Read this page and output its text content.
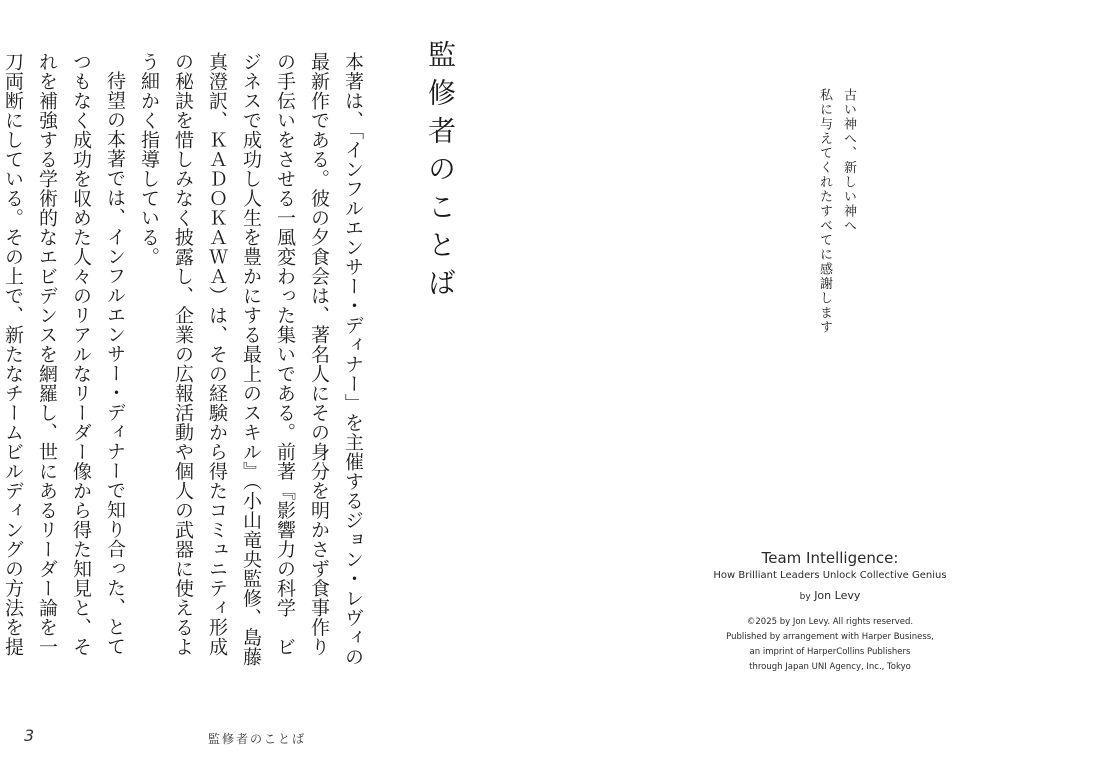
監修者のことば

本著は、「インフルエンサー・ディナー」を主催するジョン・レヴィの最新作である。彼の夕食会は、著名人にその身分を明かさず食事作りの手伝いをさせる一風変わった集いである。前著『影響力の科学　ビジネスで成功し人生を豊かにする最上のスキル』（小山竜央監修、島藤真澄訳、ＫＡＤＯＫＡＷＡ）は、その経験から得たコミュニティ形成の秘訣を惜しみなく披露し、企業の広報活動や個人の武器に使えるよう細かく指導している。

待望の本著では、インフルエンサー・ディナーで知り合った、とてつもなく成功を収めた人々のリアルなリーダー像から得た知見と、それを補強する学術的なエビデンスを網羅し、世にあるリーダー論を一刀両断にしている。その上で、新たなチームビルディングの方法を提

3	監修者のことば
古い神へ、新しい神へ
私に与えてくれたすべてに感謝します
Team Intelligence:
How Brilliant Leaders Unlock Collective Genius
by Jon Levy
©2025 by Jon Levy. All rights reserved.
Published by arrangement with Harper Business,
an imprint of HarperCollins Publishers
through Japan UNI Agency, Inc., Tokyo
